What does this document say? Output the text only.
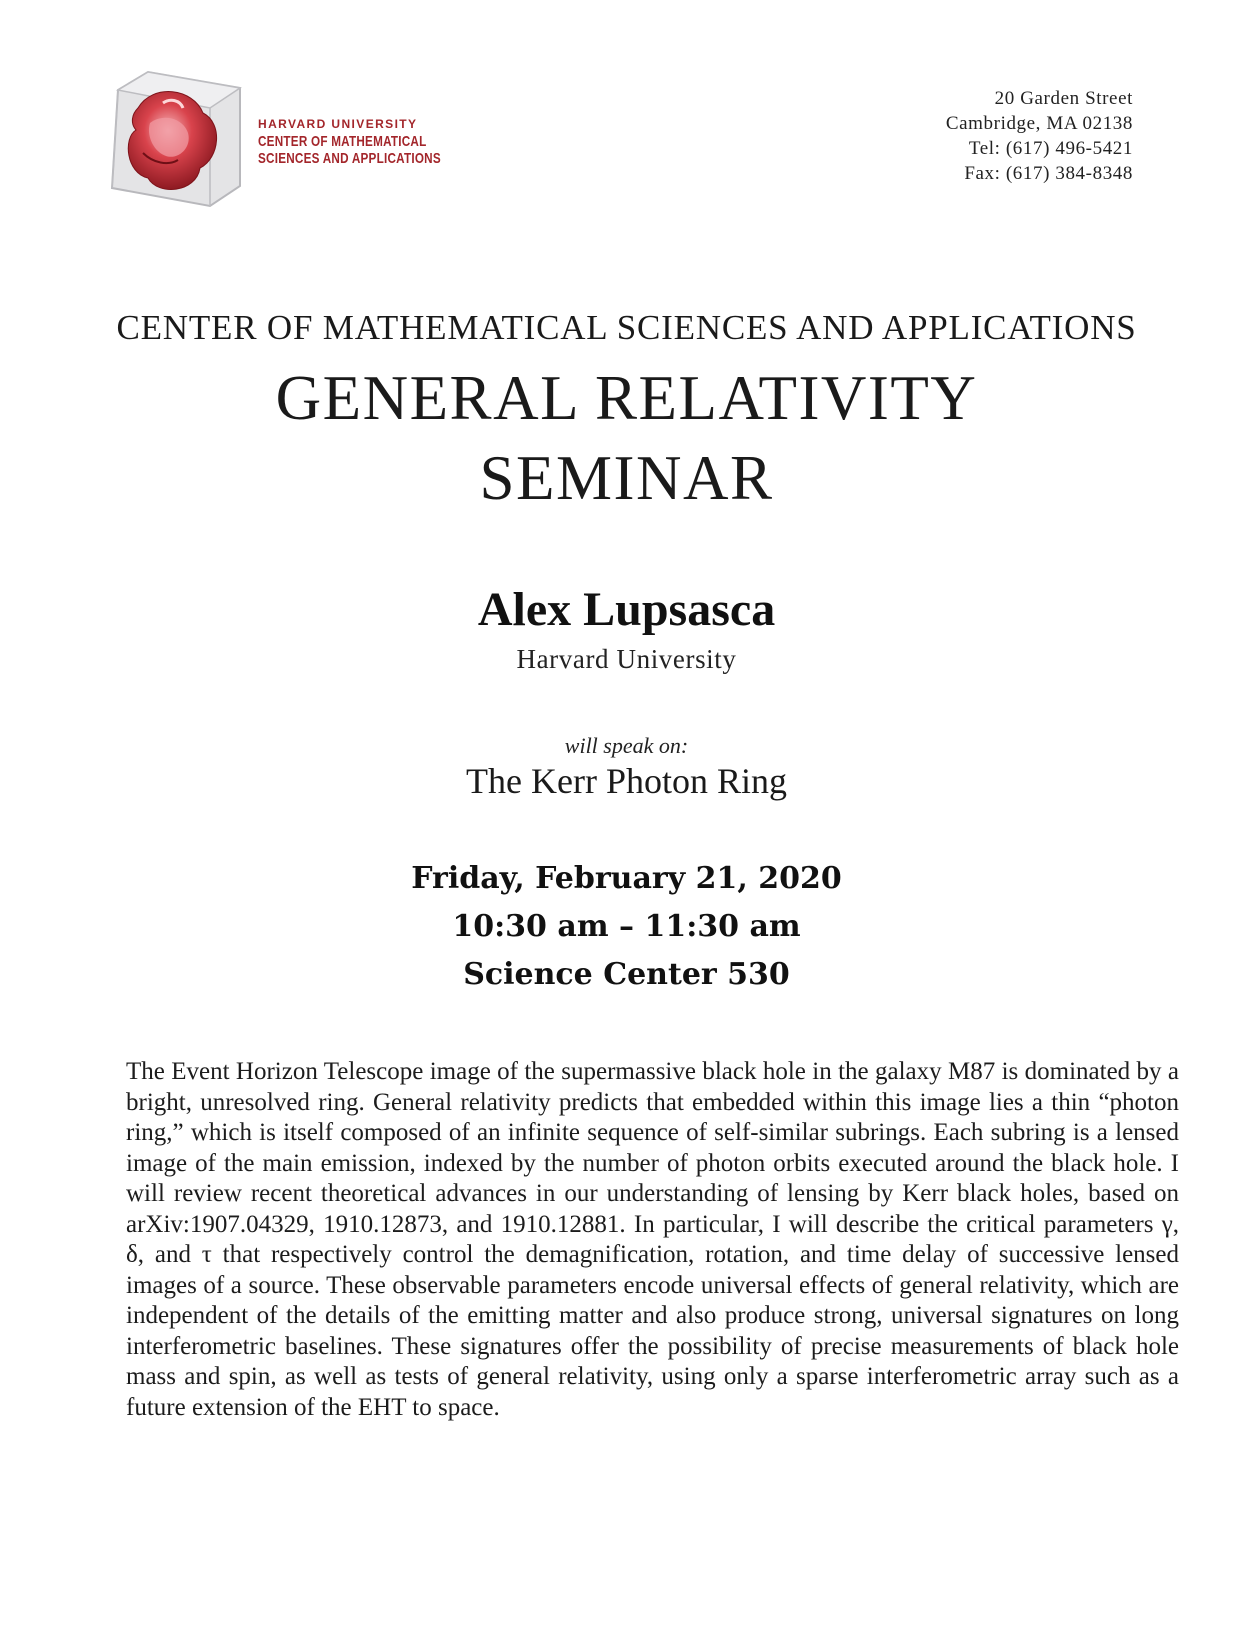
HARVARD UNIVERSITY
CENTER OF MATHEMATICAL
SCIENCES AND APPLICATIONS
20 Garden Street
Cambridge, MA 02138
Tel: (617) 496-5421
Fax: (617) 384-8348
CENTER OF MATHEMATICAL SCIENCES AND APPLICATIONS
GENERAL RELATIVITY
SEMINAR
Alex Lupsasca
Harvard University
will speak on:
The Kerr Photon Ring
Friday, February 21, 2020
10:30 am – 11:30 am
Science Center 530
The Event Horizon Telescope image of the supermassive black hole in the galaxy M87 is dominated by a bright, unresolved ring. General relativity predicts that embedded within this image lies a thin “photon ring,” which is itself composed of an infinite sequence of self-similar subrings. Each subring is a lensed image of the main emission, indexed by the number of photon orbits executed around the black hole. I will review recent theoretical advances in our understanding of lensing by Kerr black holes, based on arXiv:1907.04329, 1910.12873, and 1910.12881. In particular, I will describe the critical parameters γ, δ, and τ that respectively control the demagnification, rotation, and time delay of successive lensed images of a source. These observable parameters encode universal effects of general relativity, which are independent of the details of the emitting matter and also produce strong, universal signatures on long interferometric baselines. These signatures offer the possibility of precise measurements of black hole mass and spin, as well as tests of general relativity, using only a sparse interferometric array such as a future extension of the EHT to space.
